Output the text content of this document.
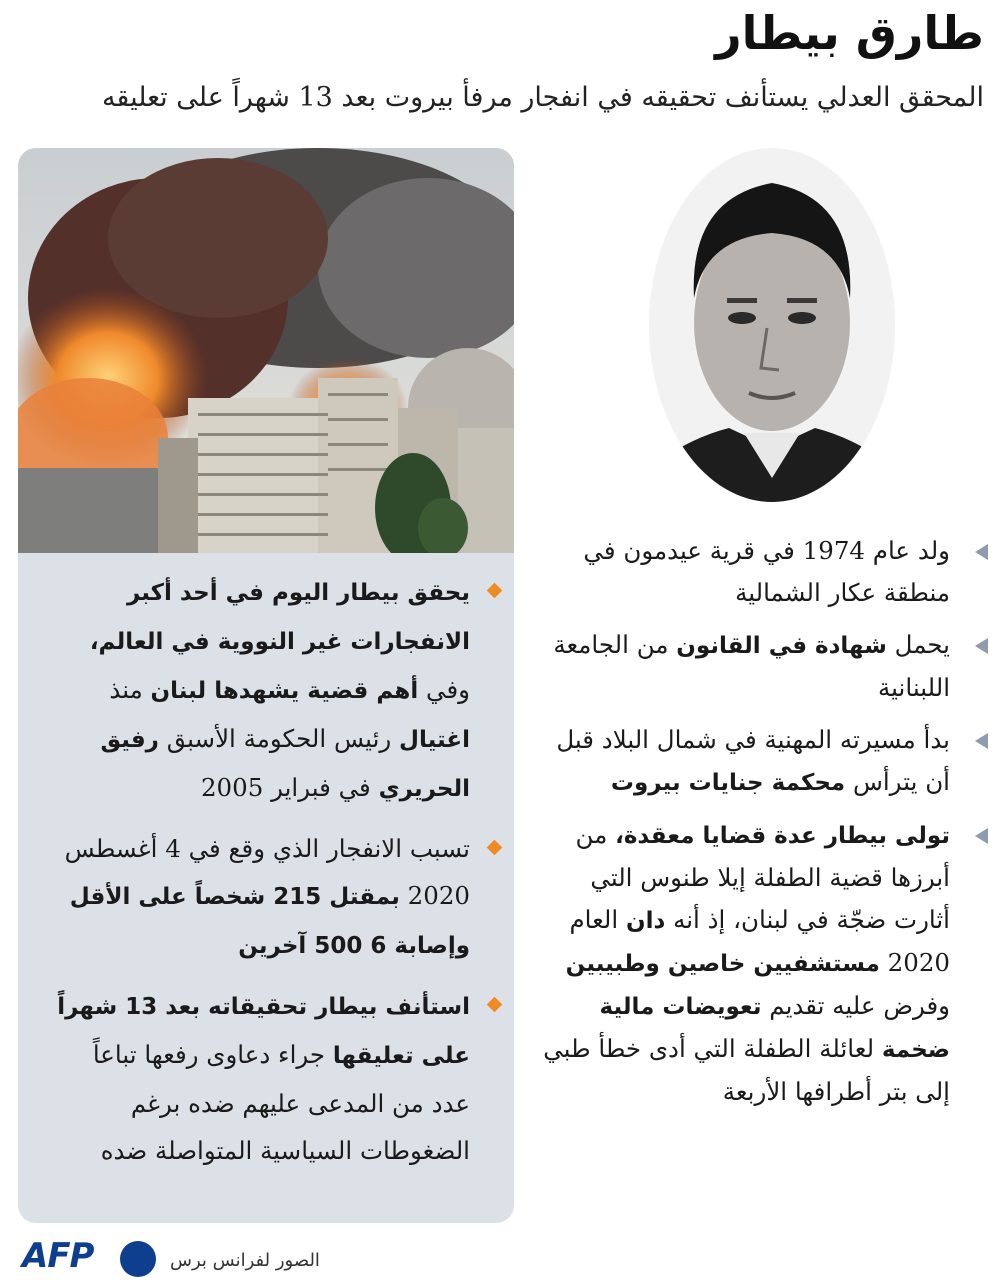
طارق بيطار

المحقق العدلي يستأنف تحقيقه في انفجار مرفأ بيروت بعد 13 شهراً على تعليقه

يحقق بيطار اليوم في أحد أكبر الانفجارات غير النووية في العالم، وفي أهم قضية يشهدها لبنان منذ اغتيال رئيس الحكومة الأسبق رفيق الحريري في فبراير 2005

تسبب الانفجار الذي وقع في 4 أغسطس 2020 بمقتل 215 شخصاً على الأقل وإصابة 6 500 آخرين

استأنف بيطار تحقيقاته بعد 13 شهراً على تعليقها جراء دعاوى رفعها تباعاً عدد من المدعى عليهم ضده برغم الضغوطات السياسية المتواصلة ضده

ولد عام 1974 في قرية عيدمون في منطقة عكار الشمالية

يحمل شهادة في القانون من الجامعة اللبنانية

بدأ مسيرته المهنية في شمال البلاد قبل أن يترأس محكمة جنايات بيروت

تولى بيطار عدة قضايا معقدة، من أبرزها قضية الطفلة إيلا طنوس التي أثارت ضجّة في لبنان، إذ أنه دان العام 2020 مستشفيين خاصين وطبيبين وفرض عليه تقديم تعويضات مالية ضخمة لعائلة الطفلة التي أدى خطأ طبي إلى بتر أطرافها الأربعة

AFP	الصور لفرانس برس
